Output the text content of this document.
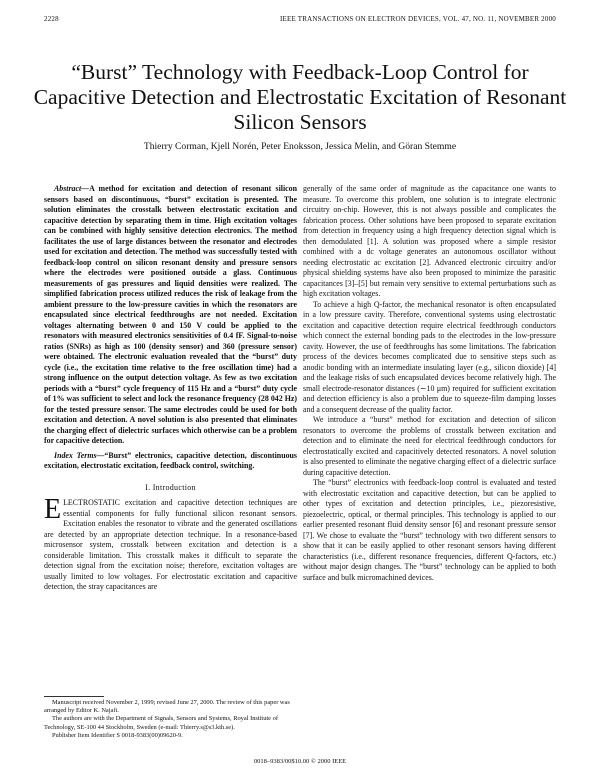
2228	IEEE TRANSACTIONS ON ELECTRON DEVICES, VOL. 47, NO. 11, NOVEMBER 2000
“Burst” Technology with Feedback-Loop Control for Capacitive Detection and Electrostatic Excitation of Resonant Silicon Sensors
Thierry Corman, Kjell Norén, Peter Enoksson, Jessica Melin, and Göran Stemme

Abstract—A method for excitation and detection of resonant silicon sensors based on discontinuous, “burst” excitation is presented. The solution eliminates the crosstalk between electrostatic excitation and capacitive detection by separating them in time. High excitation voltages can be combined with highly sensitive detection electronics. The method facilitates the use of large distances between the resonator and electrodes used for excitation and detection. The method was successfully tested with feedback-loop control on silicon resonant density and pressure sensors where the electrodes were positioned outside a glass. Continuous measurements of gas pressures and liquid densities were realized. The simplified fabrication process utilized reduces the risk of leakage from the ambient pressure to the low-pressure cavities in which the resonators are encapsulated since electrical feedthroughs are not needed. Excitation voltages alternating between 0 and 150 V could be applied to the resonators with measured electronics sensitivities of 0.4 fF. Signal-to-noise ratios (SNRs) as high as 100 (density sensor) and 360 (pressure sensor) were obtained. The electronic evaluation revealed that the “burst” duty cycle (i.e., the excitation time relative to the free oscillation time) had a strong influence on the output detection voltage. As few as two excitation periods with a “burst” cycle frequency of 115 Hz and a “burst” duty cycle of 1% was sufficient to select and lock the resonance frequency (28 042 Hz) for the tested pressure sensor. The same electrodes could be used for both excitation and detection. A novel solution is also presented that eliminates the charging effect of dielectric surfaces which otherwise can be a problem for capacitive detection.

Index Terms—“Burst” electronics, capacitive detection, discontinuous excitation, electrostatic excitation, feedback control, switching.

I. Introduction

ELECTROSTATIC excitation and capacitive detection techniques are essential components for fully functional silicon resonant sensors. Excitation enables the resonator to vibrate and the generated oscillations are detected by an appropriate detection technique. In a resonance-based microsensor system, crosstalk between excitation and detection is a considerable limitation. This crosstalk makes it difficult to separate the detection signal from the excitation noise; therefore, excitation voltages are usually limited to low voltages. For electrostatic excitation and capacitive detection, the stray capacitances are

generally of the same order of magnitude as the capacitance one wants to measure. To overcome this problem, one solution is to integrate electronic circuitry on-chip. However, this is not always possible and complicates the fabrication process. Other solutions have been proposed to separate excitation from detection in frequency using a high frequency detection signal which is then demodulated [1]. A solution was proposed where a simple resistor combined with a dc voltage generates an autonomous oscillator without needing electrostatic ac excitation [2]. Advanced electronic circuitry and/or physical shielding systems have also been proposed to minimize the parasitic capacitances [3]–[5] but remain very sensitive to external perturbations such as high excitation voltages.

To achieve a high Q-factor, the mechanical resonator is often encapsulated in a low pressure cavity. Therefore, conventional systems using electrostatic excitation and capacitive detection require electrical feedthrough conductors which connect the external bonding pads to the electrodes in the low-pressure cavity. However, the use of feedthroughs has some limitations. The fabrication process of the devices becomes complicated due to sensitive steps such as anodic bonding with an intermediate insulating layer (e.g., silicon dioxide) [4] and the leakage risks of such encapsulated devices become relatively high. The small electrode-resonator distances (∼10 μm) required for sufficient excitation and detection efficiency is also a problem due to squeeze-film damping losses and a consequent decrease of the quality factor.

We introduce a “burst” method for excitation and detection of silicon resonators to overcome the problems of crosstalk between excitation and detection and to eliminate the need for electrical feedthrough conductors for electrostatically excited and capacitively detected resonators. A novel solution is also presented to eliminate the negative charging effect of a dielectric surface during capacitive detection.

The “burst” electronics with feedback-loop control is evaluated and tested with electrostatic excitation and capacitive detection, but can be applied to other types of excitation and detection principles, i.e., piezoresistive, piezoelectric, optical, or thermal principles. This technology is applied to our earlier presented resonant fluid density sensor [6] and resonant pressure sensor [7]. We chose to evaluate the “burst” technology with two different sensors to show that it can be easily applied to other resonant sensors having different characteristics (i.e., different resonance frequencies, different Q-factors, etc.) without major design changes. The “burst” technology can be applied to both surface and bulk micromachined devices.

Manuscript received November 2, 1999; revised June 27, 2000. The review of this paper was arranged by Editor K. Najafi.

The authors are with the Department of Signals, Sensors and Systems, Royal Institute of Technology, SE-100 44 Stockholm, Sweden (e-mail: Thierry.s@s3.kth.se).

Publisher Item Identifier S 0018-9383(00)09620-9.

0018–9383/00$10.00 © 2000 IEEE
